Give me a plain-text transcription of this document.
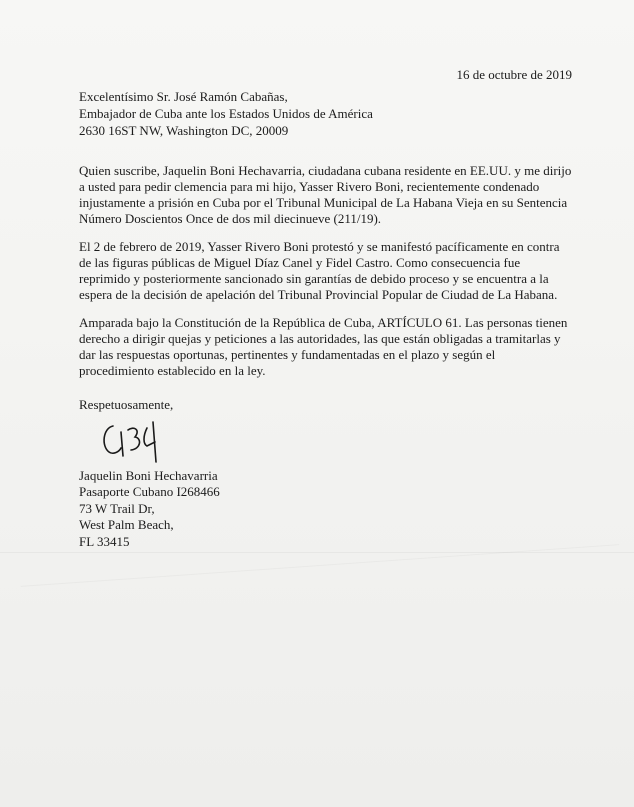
16 de octubre de 2019
Excelentísimo Sr. José Ramón Cabañas,
Embajador de Cuba ante los Estados Unidos de América
2630 16ST NW, Washington DC, 20009

Quien suscribe, Jaquelin Boni Hechavarria, ciudadana cubana residente en EE.UU. y me dirijo a usted para pedir clemencia para mi hijo, Yasser Rivero Boni, recientemente condenado injustamente a prisión en Cuba por el Tribunal Municipal de La Habana Vieja en su Sentencia Número Doscientos Once de dos mil diecinueve (211/19).

El 2 de febrero de 2019, Yasser Rivero Boni protestó y se manifestó pacíficamente en contra de las figuras públicas de Miguel Díaz Canel y Fidel Castro. Como consecuencia fue reprimido y posteriormente sancionado sin garantías de debido proceso y se encuentra a la espera de la decisión de apelación del Tribunal Provincial Popular de Ciudad de La Habana.

Amparada bajo la Constitución de la República de Cuba, ARTÍCULO 61. Las personas tienen derecho a dirigir quejas y peticiones a las autoridades, las que están obligadas a tramitarlas y dar las respuestas oportunas, pertinentes y fundamentadas en el plazo y según el procedimiento establecido en la ley.

Respetuosamente,
Jaquelin Boni Hechavarria
Pasaporte Cubano I268466
73 W Trail Dr,
West Palm Beach,
FL 33415
